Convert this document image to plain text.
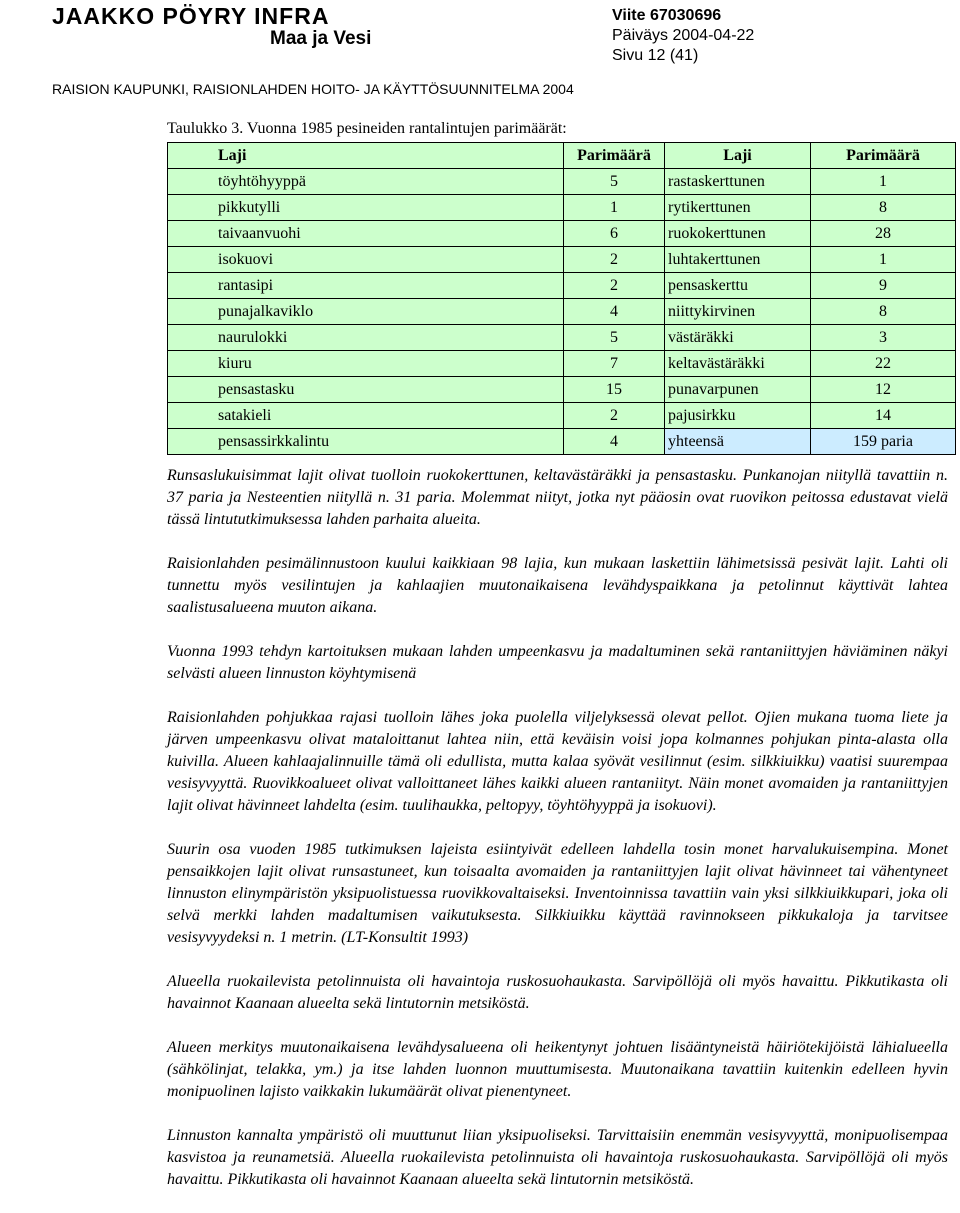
JAAKKO PÖYRY INFRA
Maa ja Vesi
Viite 67030696
Päiväys 2004-04-22
Sivu 12 (41)
RAISION KAUPUNKI, RAISIONLAHDEN HOITO- JA KÄYTTÖSUUNNITELMA 2004
Taulukko 3. Vuonna 1985 pesineiden rantalintujen parimäärät:
Laji	Parimäärä	Laji	Parimäärä
töyhtöhyyppä	5	rastaskerttunen	1
pikkutylli	1	rytikerttunen	8
taivaanvuohi	6	ruokokerttunen	28
isokuovi	2	luhtakerttunen	1
rantasipi	2	pensaskerttu	9
punajalkaviklo	4	niittykirvinen	8
naurulokki	5	västäräkki	3
kiuru	7	keltavästäräkki	22
pensastasku	15	punavarpunen	12
satakieli	2	pajusirkku	14
pensassirkkalintu	4	yhteensä	159 paria

Runsaslukuisimmat lajit olivat tuolloin ruokokerttunen, keltavästäräkki ja pensastasku. Punkanojan niityllä tavattiin n. 37 paria ja Nesteentien niityllä n. 31 paria. Molemmat niityt, jotka nyt pääosin ovat ruovikon peitossa edustavat vielä tässä lintututkimuksessa lahden parhaita alueita.

Raisionlahden pesimälinnustoon kuului kaikkiaan 98 lajia, kun mukaan laskettiin lähimetsissä pesivät lajit. Lahti oli tunnettu myös vesilintujen ja kahlaajien muutonaikaisena levähdyspaikkana ja petolinnut käyttivät lahtea saalistusalueena muuton aikana.

Vuonna 1993 tehdyn kartoituksen mukaan lahden umpeenkasvu ja madaltuminen sekä rantaniittyjen häviäminen näkyi selvästi alueen linnuston köyhtymisenä

Raisionlahden pohjukkaa rajasi tuolloin lähes joka puolella viljelyksessä olevat pellot. Ojien mukana tuoma liete ja järven umpeenkasvu olivat mataloittanut lahtea niin, että keväisin voisi jopa kolmannes pohjukan pinta-alasta olla kuivilla. Alueen kahlaajalinnuille tämä oli edullista, mutta kalaa syövät vesilinnut (esim. silkkiuikku) vaatisi suurempaa vesisyvyyttä. Ruovikkoalueet olivat valloittaneet lähes kaikki alueen rantaniityt. Näin monet avomaiden ja rantaniittyjen lajit olivat hävinneet lahdelta (esim. tuulihaukka, peltopyy, töyhtöhyyppä ja isokuovi).

Suurin osa vuoden 1985 tutkimuksen lajeista esiintyivät edelleen lahdella tosin monet harvalukuisempina. Monet pensaikkojen lajit olivat runsastuneet, kun toisaalta avomaiden ja rantaniittyjen lajit olivat hävinneet tai vähentyneet linnuston elinympäristön yksipuolistuessa ruovikkovaltaiseksi. Inventoinnissa tavattiin vain yksi silkkiuikkupari, joka oli selvä merkki lahden madaltumisen vaikutuksesta. Silkkiuikku käyttää ravinnokseen pikkukaloja ja tarvitsee vesisyvyydeksi n. 1 metrin. (LT-Konsultit 1993)

Alueella ruokailevista petolinnuista oli havaintoja ruskosuohaukasta. Sarvipöllöjä oli myös havaittu. Pikkutikasta oli havainnot Kaanaan alueelta sekä lintutornin metsiköstä.

Alueen merkitys muutonaikaisena levähdysalueena oli heikentynyt johtuen lisääntyneistä häiriötekijöistä lähialueella (sähkölinjat, telakka, ym.) ja itse lahden luonnon muuttumisesta. Muutonaikana tavattiin kuitenkin edelleen hyvin monipuolinen lajisto vaikkakin lukumäärät olivat pienentyneet.

Linnuston kannalta ympäristö oli muuttunut liian yksipuoliseksi. Tarvittaisiin enemmän vesisyvyyttä, monipuolisempaa kasvistoa ja reunametsiä. Alueella ruokailevista petolinnuista oli havaintoja ruskosuohaukasta. Sarvipöllöjä oli myös havaittu. Pikkutikasta oli havainnot Kaanaan alueelta sekä lintutornin metsiköstä.
